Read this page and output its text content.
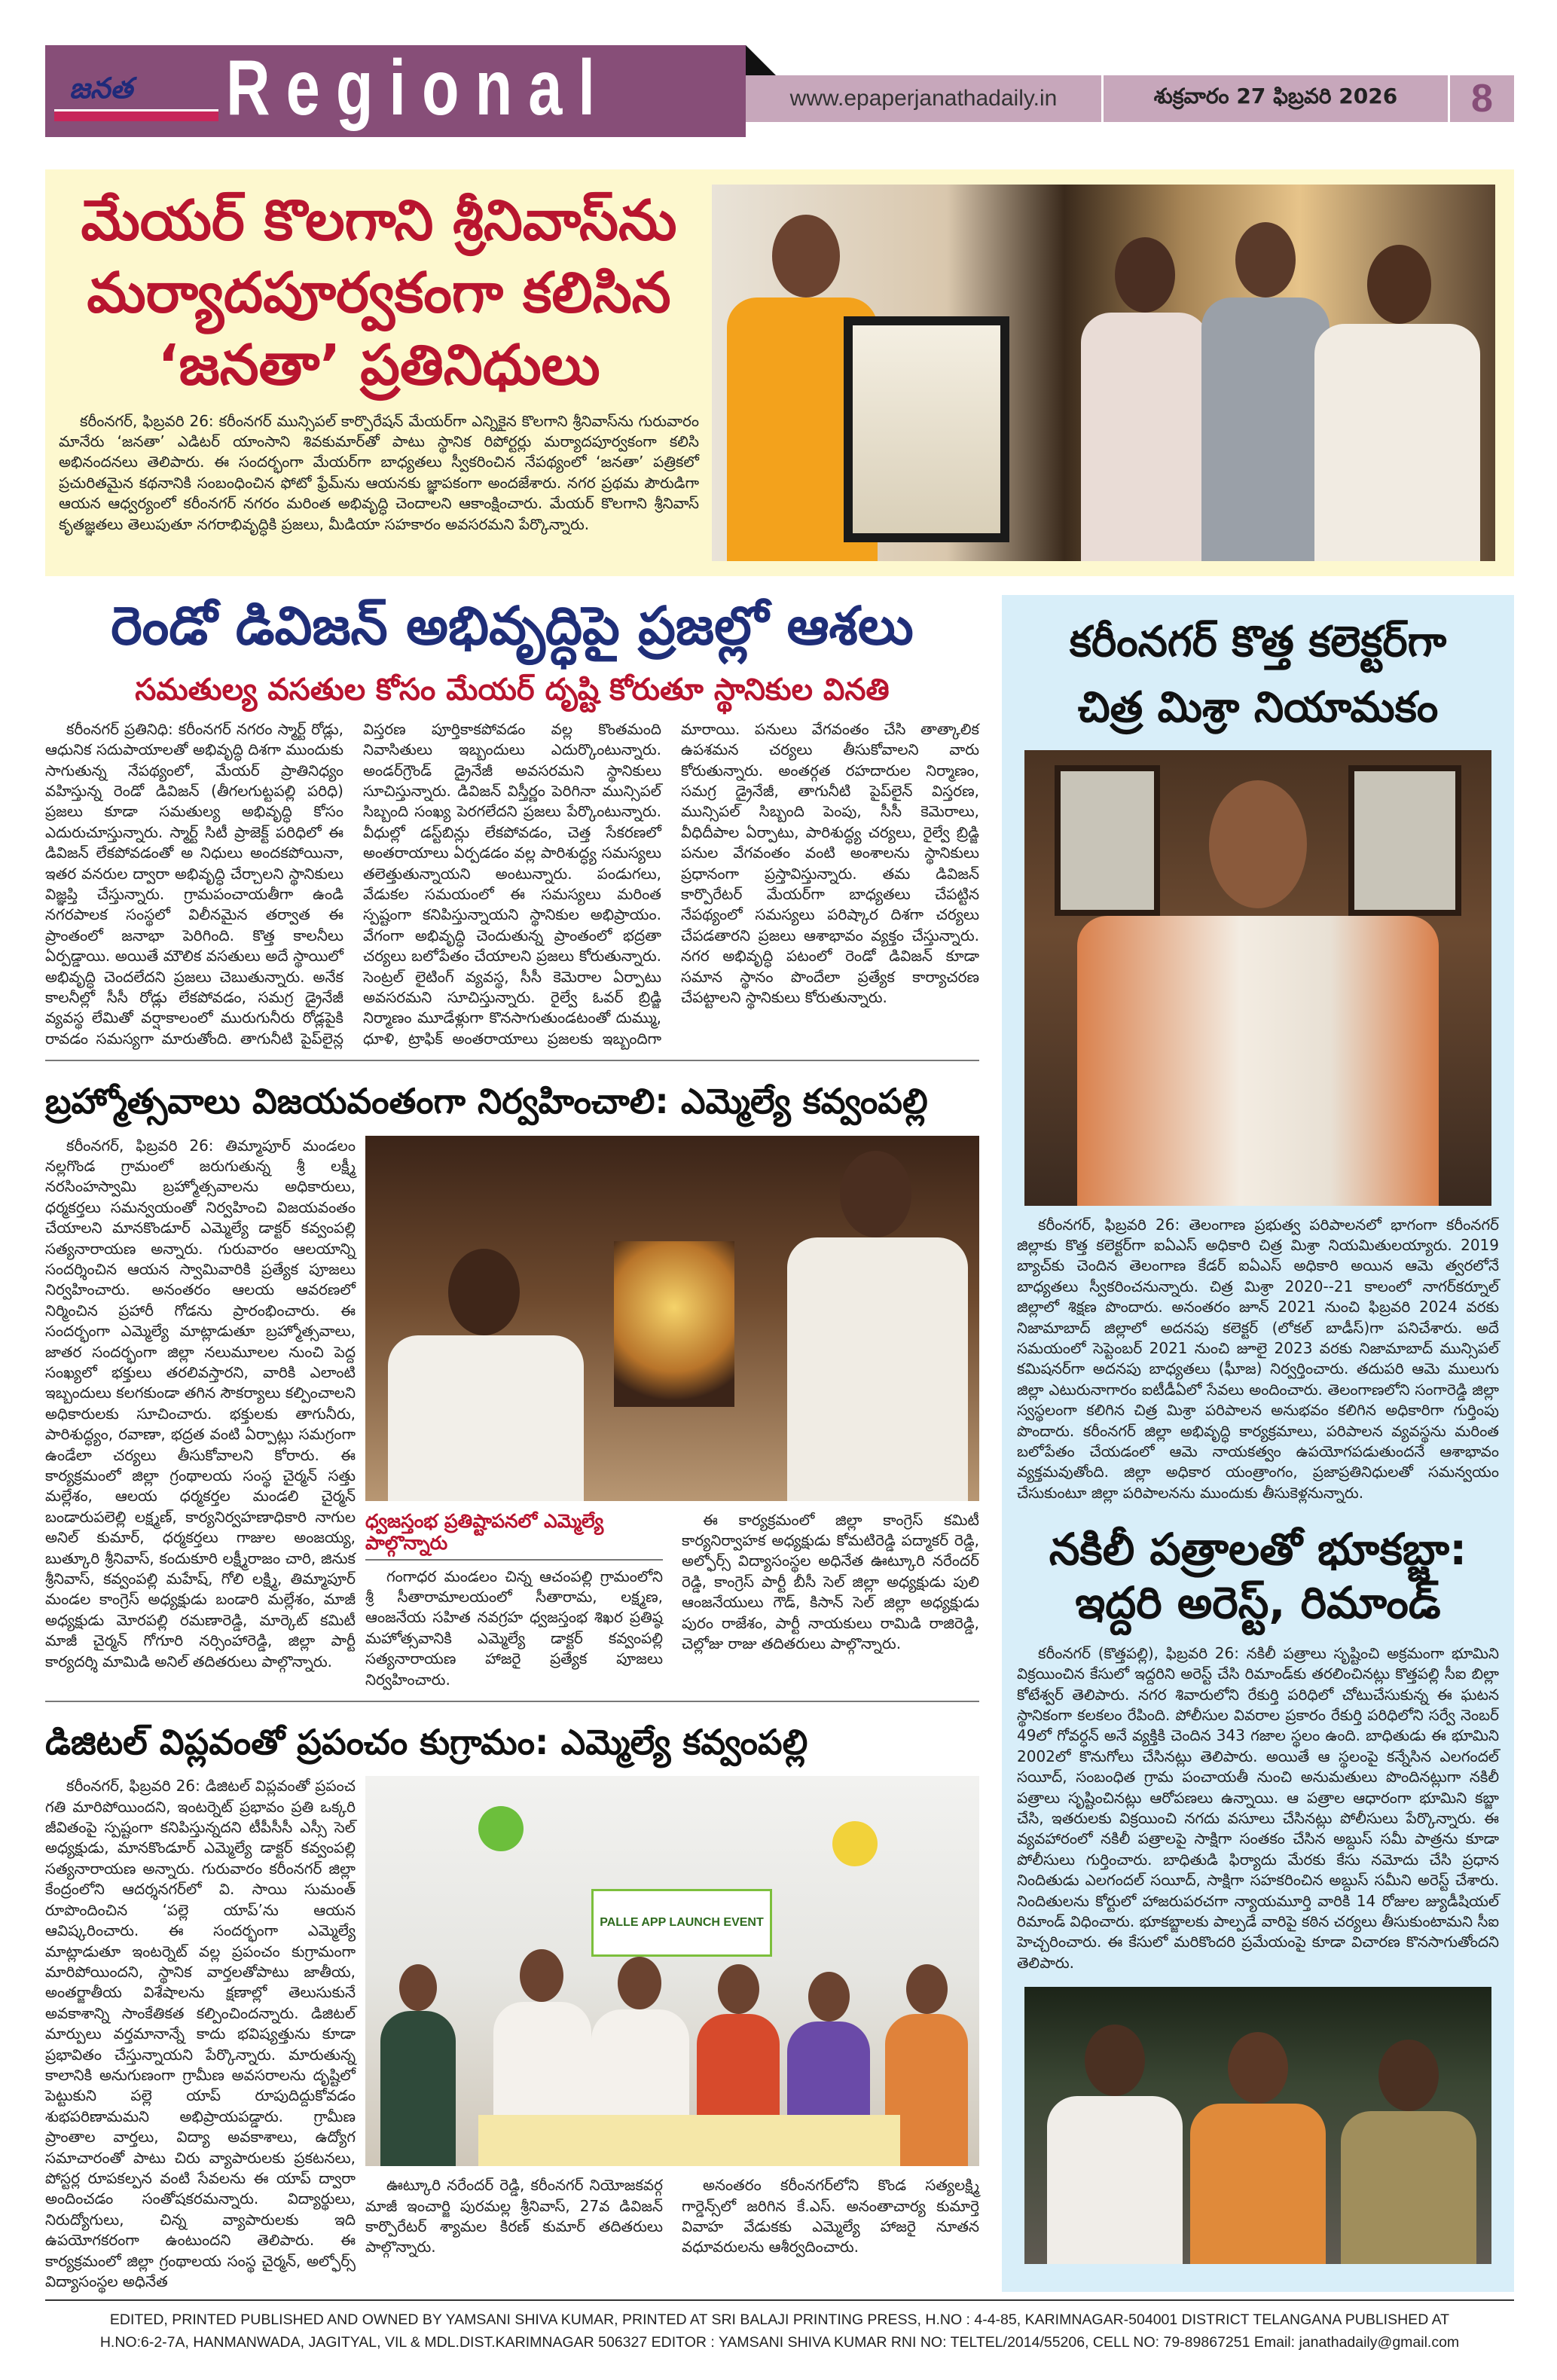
జనత Regional	www.epaperjanathadaily.in	శుక్రవారం 27 ఫిబ్రవరి 2026	8
మేయర్ కొలగాని శ్రీనివాస్‌ను
మర్యాదపూర్వకంగా కలిసిన
‘జనతా’ ప్రతినిధులు

కరీంనగర్, ఫిబ్రవరి 26: కరీంనగర్ మున్సిపల్ కార్పొరేషన్ మేయర్‌గా ఎన్నికైన కొలగాని శ్రీనివాస్‌ను గురువారం మానేరు ‘జనతా’ ఎడిటర్ యాంసాని శివకుమార్‌తో పాటు స్థానిక రిపోర్టర్లు మర్యాదపూర్వకంగా కలిసి అభినందనలు తెలిపారు. ఈ సందర్భంగా మేయర్‌గా బాధ్యతలు స్వీకరించిన నేపథ్యంలో ‘జనతా’ పత్రికలో ప్రచురితమైన కథనానికి సంబంధించిన ఫోటో ఫ్రేమ్‌ను ఆయనకు జ్ఞాపకంగా అందజేశారు. నగర ప్రథమ పౌరుడిగా ఆయన ఆధ్వర్యంలో కరీంనగర్ నగరం మరింత అభివృద్ధి చెందాలని ఆకాంక్షించారు. మేయర్ కొలగాని శ్రీనివాస్ కృతజ్ఞతలు తెలుపుతూ నగరాభివృద్ధికి ప్రజలు, మీడియా సహకారం అవసరమని పేర్కొన్నారు.

రెండో డివిజన్ అభివృద్ధిపై ప్రజల్లో ఆశలు
సమతుల్య వసతుల కోసం మేయర్ దృష్టి కోరుతూ స్థానికుల వినతి

కరీంనగర్ ప్రతినిధి: కరీంనగర్ నగరం స్మార్ట్ రోడ్లు, ఆధునిక సదుపాయాలతో అభివృద్ధి దిశగా ముందుకు సాగుతున్న నేపథ్యంలో, మేయర్ ప్రాతినిధ్యం వహిస్తున్న రెండో డివిజన్ (తీగలగుట్టపల్లి పరిధి) ప్రజలు కూడా సమతుల్య అభివృద్ధి కోసం ఎదురుచూస్తున్నారు. స్మార్ట్ సిటీ ప్రాజెక్ట్ పరిధిలో ఈ డివిజన్ లేకపోవడంతో అ నిధులు అందకపోయినా, ఇతర వనరుల ద్వారా అభివృద్ధి చేర్చాలని స్థానికులు విజ్ఞప్తి చేస్తున్నారు. గ్రామపంచాయతీగా ఉండి నగరపాలక సంస్థలో విలీనమైన తర్వాత ఈ ప్రాంతంలో జనాభా పెరిగింది. కొత్త కాలనీలు ఏర్పడ్డాయి. అయితే మౌలిక వసతులు అదే స్థాయిలో అభివృద్ధి చెందలేదని ప్రజలు చెబుతున్నారు. అనేక కాలనీల్లో సీసీ రోడ్లు లేకపోవడం, సమగ్ర డ్రైనేజీ వ్యవస్థ లేమితో వర్షాకాలంలో మురుగునీరు రోడ్లపైకి రావడం సమస్యగా మారుతోంది. తాగునీటి పైప్‌లైన్ల విస్తరణ పూర్తికాకపోవడం వల్ల కొంతమంది నివాసితులు ఇబ్బందులు ఎదుర్కొంటున్నారు. అండర్‌గ్రౌండ్ డ్రైనేజీ అవసరమని స్థానికులు సూచిస్తున్నారు. డివిజన్ విస్తీర్ణం పెరిగినా మున్సిపల్ సిబ్బంది సంఖ్య పెరగలేదని ప్రజలు పేర్కొంటున్నారు. వీధుల్లో డస్ట్‌బిన్లు లేకపోవడం, చెత్త సేకరణలో అంతరాయాలు ఏర్పడడం వల్ల పారిశుద్ధ్య సమస్యలు తలెత్తుతున్నాయని అంటున్నారు. పండుగలు, వేడుకల సమయంలో ఈ సమస్యలు మరింత స్పష్టంగా కనిపిస్తున్నాయని స్థానికుల అభిప్రాయం. వేగంగా అభివృద్ధి చెందుతున్న ప్రాంతంలో భద్రతా చర్యలు బలోపేతం చేయాలని ప్రజలు కోరుతున్నారు. సెంట్రల్ లైటింగ్ వ్యవస్థ, సీసీ కెమెరాల ఏర్పాటు అవసరమని సూచిస్తున్నారు. రైల్వే ఓవర్ బ్రిడ్జి నిర్మాణం మూడేళ్లుగా కొనసాగుతుండటంతో దుమ్ము, ధూళి, ట్రాఫిక్ అంతరాయాలు ప్రజలకు ఇబ్బందిగా మారాయి. పనులు వేగవంతం చేసి తాత్కాలిక ఉపశమన చర్యలు తీసుకోవాలని వారు కోరుతున్నారు. అంతర్గత రహదారుల నిర్మాణం, సమగ్ర డ్రైనేజీ, తాగునీటి పైప్‌లైన్ విస్తరణ, మున్సిపల్ సిబ్బంది పెంపు, సీసీ కెమెరాలు, వీధిదీపాల ఏర్పాటు, పారిశుద్ధ్య చర్యలు, రైల్వే బ్రిడ్జి పనుల వేగవంతం వంటి అంశాలను స్థానికులు ప్రధానంగా ప్రస్తావిస్తున్నారు. తమ డివిజన్ కార్పొరేటర్ మేయర్‌గా బాధ్యతలు చేపట్టిన నేపథ్యంలో సమస్యలు పరిష్కార దిశగా చర్యలు చేపడతారని ప్రజలు ఆశాభావం వ్యక్తం చేస్తున్నారు. నగర అభివృద్ధి పటంలో రెండో డివిజన్ కూడా సమాన స్థానం పొందేలా ప్రత్యేక కార్యాచరణ చేపట్టాలని స్థానికులు కోరుతున్నారు.

బ్రహ్మోత్సవాలు విజయవంతంగా నిర్వహించాలి: ఎమ్మెల్యే కవ్వంపల్లి

కరీంనగర్, ఫిబ్రవరి 26: తిమ్మాపూర్ మండలం నల్లగొండ గ్రామంలో జరుగుతున్న శ్రీ లక్ష్మీ నరసింహస్వామి బ్రహ్మోత్సవాలను అధికారులు, ధర్మకర్తలు సమన్వయంతో నిర్వహించి విజయవంతం చేయాలని మానకొండూర్ ఎమ్మెల్యే డాక్టర్ కవ్వంపల్లి సత్యనారాయణ అన్నారు. గురువారం ఆలయాన్ని సందర్శించిన ఆయన స్వామివారికి ప్రత్యేక పూజలు నిర్వహించారు. అనంతరం ఆలయ ఆవరణలో నిర్మించిన ప్రహారీ గోడను ప్రారంభించారు. ఈ సందర్భంగా ఎమ్మెల్యే మాట్లాడుతూ బ్రహ్మోత్సవాలు, జాతర సందర్భంగా జిల్లా నలుమూలల నుంచి పెద్ద సంఖ్యలో భక్తులు తరలివస్తారని, వారికి ఎలాంటి ఇబ్బందులు కలగకుండా తగిన సౌకర్యాలు కల్పించాలని అధికారులకు సూచించారు. భక్తులకు తాగునీరు, పారిశుద్ధ్యం, రవాణా, భద్రత వంటి ఏర్పాట్లు సమగ్రంగా ఉండేలా చర్యలు తీసుకోవాలని కోరారు. ఈ కార్యక్రమంలో జిల్లా గ్రంథాలయ సంస్థ చైర్మన్ సత్తు మల్లేశం, ఆలయ ధర్మకర్తల మండలి చైర్మన్ బండారుపలెల్లి లక్ష్మణ్, కార్యనిర్వహణాధికారి నాగుల అనిల్ కుమార్, ధర్మకర్తలు గాజుల అంజయ్య, బుత్కూరి శ్రీనివాస్, కందుకూరి లక్ష్మీరాజం చారి, జినుక శ్రీనివాస్, కవ్వంపల్లి మహేష్, గోలి లక్ష్మి, తిమ్మాపూర్ మండల కాంగ్రెస్ అధ్యక్షుడు బండారి మల్లేశం, మాజీ అధ్యక్షుడు మోరపల్లి రమణారెడ్డి, మార్కెట్ కమిటీ మాజీ చైర్మన్ గోగూరి నర్సింహారెడ్డి, జిల్లా పార్టీ కార్యదర్శి మామిడి అనిల్ తదితరులు పాల్గొన్నారు.

ధ్వజస్తంభ ప్రతిష్టాపనలో ఎమ్మెల్యే పాల్గొన్నారు

గంగాధర మండలం చిన్న ఆచంపల్లి గ్రామంలోని శ్రీ సీతారామాలయంలో సీతారామ, లక్ష్మణ, ఆంజనేయ సహిత నవగ్రహ ధ్వజస్తంభ శిఖర ప్రతిష్ఠ మహోత్సవానికి ఎమ్మెల్యే డాక్టర్ కవ్వంపల్లి సత్యనారాయణ హాజరై ప్రత్యేక పూజలు నిర్వహించారు.

ఈ కార్యక్రమంలో జిల్లా కాంగ్రెస్ కమిటీ కార్యనిర్వాహక అధ్యక్షుడు కోమటిరెడ్డి పద్మాకర్ రెడ్డి, అల్ఫోర్స్ విద్యాసంస్థల అధినేత ఊట్కూరి నరేందర్ రెడ్డి, కాంగ్రెస్ పార్టీ బీసీ సెల్ జిల్లా అధ్యక్షుడు పులి ఆంజనేయులు గౌడ్, కిసాన్ సెల్ జిల్లా అధ్యక్షుడు పురం రాజేశం, పార్టీ నాయకులు రామిడి రాజిరెడ్డి, చెల్లోజు రాజు తదితరులు పాల్గొన్నారు.

డిజిటల్ విప్లవంతో ప్రపంచం కుగ్రామం: ఎమ్మెల్యే కవ్వంపల్లి

కరీంనగర్, ఫిబ్రవరి 26: డిజిటల్ విప్లవంతో ప్రపంచ గతి మారిపోయిందని, ఇంటర్నెట్ ప్రభావం ప్రతి ఒక్కరి జీవితంపై స్పష్టంగా కనిపిస్తున్నదని టీపీసీసీ ఎస్సీ సెల్ అధ్యక్షుడు, మానకొండూర్ ఎమ్మెల్యే డాక్టర్ కవ్వంపల్లి సత్యనారాయణ అన్నారు. గురువారం కరీంనగర్ జిల్లా కేంద్రంలోని ఆదర్శనగర్‌లో వి. సాయి సుమంత్ రూపొందించిన ‘పల్లె యాప్’ను ఆయన ఆవిష్కరించారు. ఈ సందర్భంగా ఎమ్మెల్యే మాట్లాడుతూ ఇంటర్నెట్ వల్ల ప్రపంచం కుగ్రామంగా మారిపోయిందని, స్థానిక వార్తలతోపాటు జాతీయ, అంతర్జాతీయ విశేషాలను క్షణాల్లో తెలుసుకునే అవకాశాన్ని సాంకేతికత కల్పించిందన్నారు. డిజిటల్ మార్పులు వర్తమానాన్నే కాదు భవిష్యత్తును కూడా ప్రభావితం చేస్తున్నాయని పేర్కొన్నారు. మారుతున్న కాలానికి అనుగుణంగా గ్రామీణ అవసరాలను దృష్టిలో పెట్టుకుని పల్లె యాప్ రూపుదిద్దుకోవడం శుభపరిణామమని అభిప్రాయపడ్డారు. గ్రామీణ ప్రాంతాల వార్తలు, విద్యా అవకాశాలు, ఉద్యోగ సమాచారంతో పాటు చిరు వ్యాపారులకు ప్రకటనలు, పోస్టర్ల రూపకల్పన వంటి సేవలను ఈ యాప్ ద్వారా అందించడం సంతోషకరమన్నారు. విద్యార్థులు, నిరుద్యోగులు, చిన్న వ్యాపారులకు ఇది ఉపయోగకరంగా ఉంటుందని తెలిపారు. ఈ కార్యక్రమంలో జిల్లా గ్రంథాలయ సంస్థ చైర్మన్, అల్ఫోర్స్ విద్యాసంస్థల అధినేత

PALLE APP LAUNCH EVENT

ఊట్కూరి నరేందర్ రెడ్డి, కరీంనగర్ నియోజకవర్గ మాజీ ఇంచార్జి పురమల్ల శ్రీనివాస్, 27వ డివిజన్ కార్పొరేటర్ శ్యామల కిరణ్ కుమార్ తదితరులు పాల్గొన్నారు.

అనంతరం కరీంనగర్‌లోని కొండ సత్యలక్ష్మి గార్డెన్స్‌లో జరిగిన కే.ఎస్. అనంతాచార్య కుమార్తె వివాహ వేడుకకు ఎమ్మెల్యే హాజరై నూతన వధూవరులను ఆశీర్వదించారు.

కరీంనగర్ కొత్త కలెక్టర్‌గా
చిత్ర మిశ్రా నియామకం

కరీంనగర్, ఫిబ్రవరి 26: తెలంగాణ ప్రభుత్వ పరిపాలనలో భాగంగా కరీంనగర్ జిల్లాకు కొత్త కలెక్టర్‌గా ఐఏఎస్ అధికారి చిత్ర మిశ్రా నియమితులయ్యారు. 2019 బ్యాచ్‌కు చెందిన తెలంగాణ కేడర్ ఐఏఎస్ అధికారి అయిన ఆమె త్వరలోనే బాధ్యతలు స్వీకరించనున్నారు. చిత్ర మిశ్రా 2020--21 కాలంలో నాగర్‌కర్నూల్ జిల్లాలో శిక్షణ పొందారు. అనంతరం జూన్ 2021 నుంచి ఫిబ్రవరి 2024 వరకు నిజామాబాద్ జిల్లాలో అదనపు కలెక్టర్ (లోకల్ బాడీస్)గా పనిచేశారు. అదే సమయంలో సెప్టెంబర్ 2021 నుంచి జూలై 2023 వరకు నిజామాబాద్ మున్సిపల్ కమిషనర్‌గా అదనపు బాధ్యతలు (ఫీూజ) నిర్వర్తించారు. తదుపరి ఆమె ములుగు జిల్లా ఎటురునాగారం ఐటీడీఏలో సేవలు అందించారు. తెలంగాణలోని సంగారెడ్డి జిల్లా స్వస్థలంగా కలిగిన చిత్ర మిశ్రా పరిపాలన అనుభవం కలిగిన అధికారిగా గుర్తింపు పొందారు. కరీంనగర్ జిల్లా అభివృద్ధి కార్యక్రమాలు, పరిపాలన వ్యవస్థను మరింత బలోపేతం చేయడంలో ఆమె నాయకత్వం ఉపయోగపడుతుందనే ఆశాభావం వ్యక్తమవుతోంది. జిల్లా అధికార యంత్రాంగం, ప్రజాప్రతినిధులతో సమన్వయం చేసుకుంటూ జిల్లా పరిపాలనను ముందుకు తీసుకెళ్లనున్నారు.

నకిలీ పత్రాలతో భూకబ్జా:
ఇద్దరి అరెస్ట్, రిమాండ్

కరీంనగర్ (కొత్తపల్లి), ఫిబ్రవరి 26: నకిలీ పత్రాలు సృష్టించి అక్రమంగా భూమిని విక్రయించిన కేసులో ఇద్దరిని అరెస్ట్ చేసి రిమాండ్‌కు తరలించినట్లు కొత్తపల్లి సీఐ బిల్లా కోటేశ్వర్ తెలిపారు. నగర శివారులోని రేకుర్తి పరిధిలో చోటుచేసుకున్న ఈ ఘటన స్థానికంగా కలకలం రేపింది. పోలీసుల వివరాల ప్రకారం రేకుర్తి పరిధిలోని సర్వే నెంబర్ 49లో గోవర్ధన్ అనే వ్యక్తికి చెందిన 343 గజాల స్థలం ఉంది. బాధితుడు ఈ భూమిని 2002లో కొనుగోలు చేసినట్లు తెలిపారు. అయితే ఆ స్థలంపై కన్నేసిన ఎలగందల్ సయీద్, సంబంధిత గ్రామ పంచాయతీ నుంచి అనుమతులు పొందినట్లుగా నకిలీ పత్రాలు సృష్టించినట్లు ఆరోపణలు ఉన్నాయి. ఆ పత్రాల ఆధారంగా భూమిని కబ్జా చేసి, ఇతరులకు విక్రయించి నగదు వసూలు చేసినట్లు పోలీసులు పేర్కొన్నారు. ఈ వ్యవహారంలో నకిలీ పత్రాలపై సాక్షిగా సంతకం చేసిన అబ్దుస్ సమీ పాత్రను కూడా పోలీసులు గుర్తించారు. బాధితుడి ఫిర్యాదు మేరకు కేసు నమోదు చేసి ప్రధాన నిందితుడు ఎలగందల్ సయీద్, సాక్షిగా సహకరించిన అబ్దుస్ సమీని అరెస్ట్ చేశారు. నిందితులను కోర్టులో హాజరుపరచగా న్యాయమూర్తి వారికి 14 రోజుల జ్యుడీషియల్ రిమాండ్ విధించారు. భూకబ్జాలకు పాల్పడే వారిపై కఠిన చర్యలు తీసుకుంటామని సీఐ హెచ్చరించారు. ఈ కేసులో మరికొందరి ప్రమేయంపై కూడా విచారణ కొనసాగుతోందని తెలిపారు.

EDITED, PRINTED PUBLISHED AND OWNED BY YAMSANI SHIVA KUMAR, PRINTED AT SRI BALAJI PRINTING PRESS, H.NO : 4-4-85, KARIMNAGAR-504001 DISTRICT TELANGANA PUBLISHED AT
H.NO:6-2-7A, HANMANWADA, JAGITYAL, VIL & MDL.DIST.KARIMNAGAR 506327 EDITOR : YAMSANI SHIVA KUMAR RNI NO: TELTEL/2014/55206, CELL NO: 79-89867251 Email: janathadaily@gmail.com
